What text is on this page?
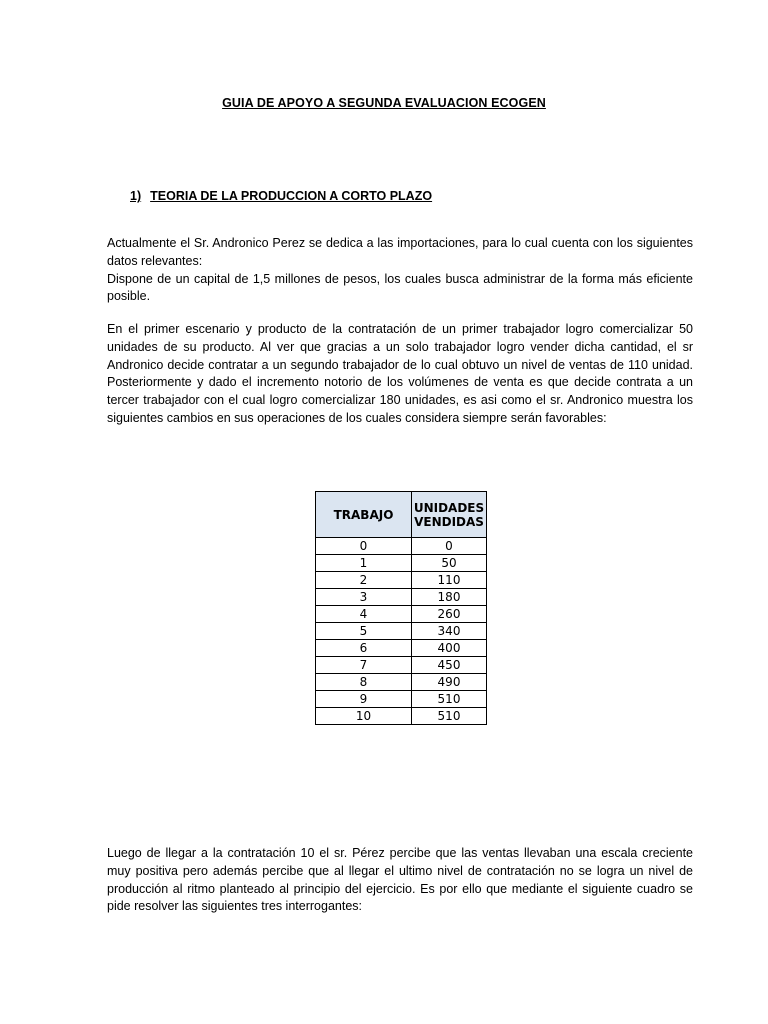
GUIA DE APOYO A SEGUNDA EVALUACION ECOGEN
1) TEORIA DE LA PRODUCCION A CORTO PLAZO
Actualmente el Sr. Andronico Perez se dedica a las importaciones, para lo cual cuenta con los siguientes datos relevantes:
Dispone de un capital de 1,5 millones de pesos, los cuales busca administrar de la forma más eficiente posible.

En el primer escenario y producto de la contratación de un primer trabajador logro comercializar 50 unidades de su producto. Al ver que gracias a un solo trabajador logro vender dicha cantidad, el sr Andronico decide contratar a un segundo trabajador de lo cual obtuvo un nivel de ventas de 110 unidad. Posteriormente y dado el incremento notorio de los volúmenes de venta es que decide contrata a un tercer trabajador con el cual logro comercializar 180 unidades, es asi como el sr. Andronico muestra los siguientes cambios en sus operaciones de los cuales considera siempre serán favorables:

TRABAJO	UNIDADES VENDIDAS
0	0
1	50
2	110
3	180
4	260
5	340
6	400
7	450
8	490
9	510
10	510

Luego de llegar a la contratación 10 el sr. Pérez percibe que las ventas llevaban una escala creciente muy positiva pero además percibe que al llegar el ultimo nivel de contratación no se logra un nivel de producción al ritmo planteado al principio del ejercicio. Es por ello que mediante el siguiente cuadro se pide resolver las siguientes tres interrogantes:
